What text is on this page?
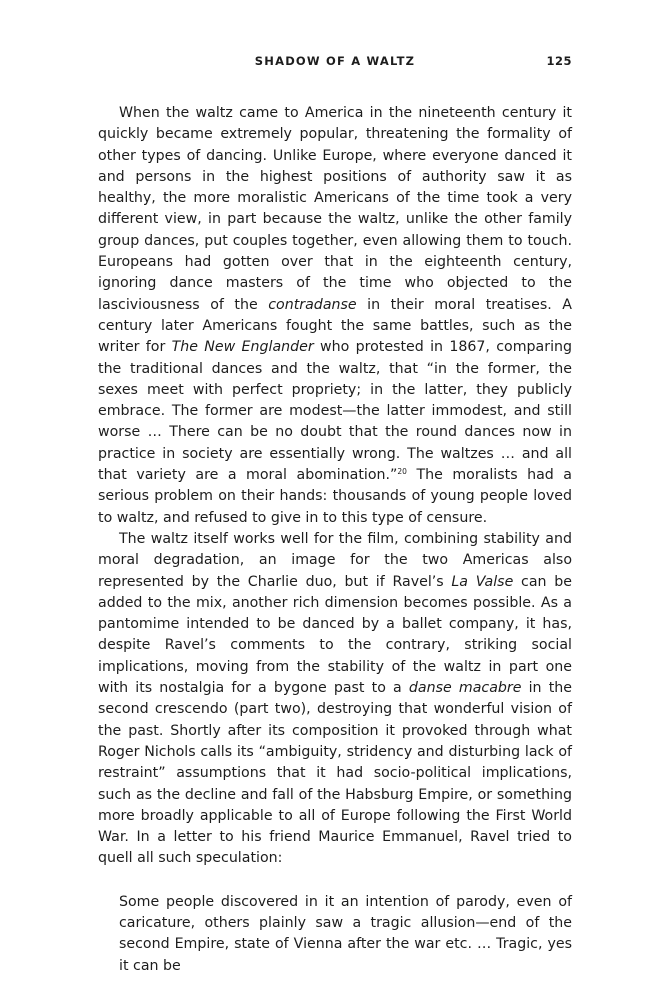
SHADOW OF A WALTZ	125

When the waltz came to America in the nineteenth century it quickly became extremely popular, threatening the formality of other types of dancing. Unlike Europe, where everyone danced it and persons in the highest positions of authority saw it as healthy, the more moralistic Americans of the time took a very different view, in part because the waltz, unlike the other family group dances, put couples together, even allowing them to touch. Europeans had gotten over that in the eighteenth century, ignoring dance masters of the time who objected to the lasciviousness of the contradanse in their moral treatises. A century later Americans fought the same battles, such as the writer for The New Englander who protested in 1867, comparing the traditional dances and the waltz, that “in the former, the sexes meet with perfect propriety; in the latter, they publicly embrace. The former are modest—the latter immodest, and still worse … There can be no doubt that the round dances now in practice in society are essentially wrong. The waltzes … and all that variety are a moral abomination.”$^{20}$ The moralists had a serious problem on their hands: thousands of young people loved to waltz, and refused to give in to this type of censure.

The waltz itself works well for the film, combining stability and moral degradation, an image for the two Americas also represented by the Charlie duo, but if Ravel’s La Valse can be added to the mix, another rich dimension becomes possible. As a pantomime intended to be danced by a ballet company, it has, despite Ravel’s comments to the contrary, striking social implications, moving from the stability of the waltz in part one with its nostalgia for a bygone past to a danse macabre in the second crescendo (part two), destroying that wonderful vision of the past. Shortly after its composition it provoked through what Roger Nichols calls its “ambiguity, stridency and disturbing lack of restraint” assumptions that it had socio-political implications, such as the decline and fall of the Habsburg Empire, or something more broadly applicable to all of Europe following the First World War. In a letter to his friend Maurice Emmanuel, Ravel tried to quell all such speculation:

Some people discovered in it an intention of parody, even of caricature, others plainly saw a tragic allusion—end of the second Empire, state of Vienna after the war etc. … Tragic, yes it can be
